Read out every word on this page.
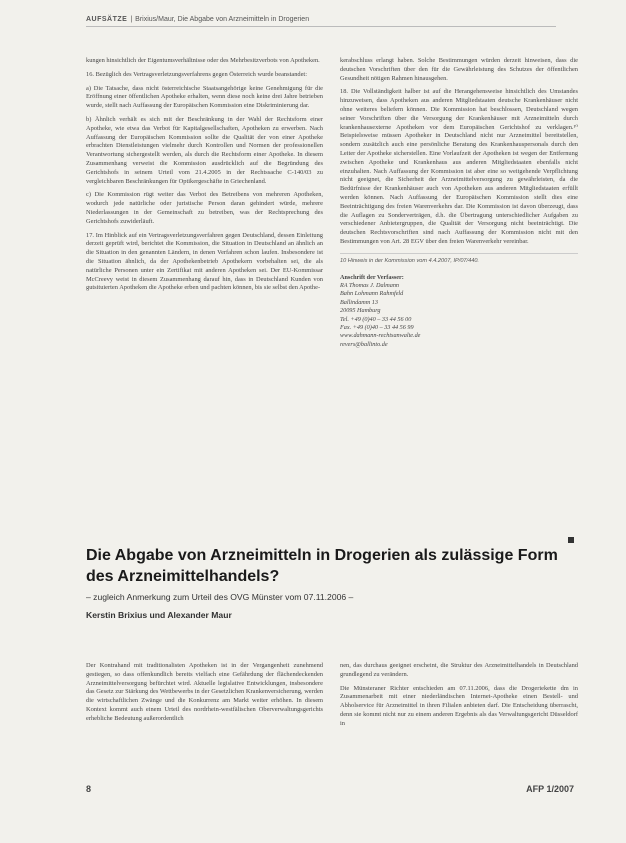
AUFSÄTZE | Brixius/Maur, Die Abgabe von Arzneimitteln in Drogerien

kungen hinsichtlich der Eigentumsverhältnisse oder des Mehrbesitzverbots von Apotheken.

16. Bezüglich des Vertragsverletzungsverfahrens gegen Österreich wurde beanstandet:

a) Die Tatsache, dass nicht österreichische Staatsangehörige keine Genehmigung für die Eröffnung einer öffentlichen Apotheke erhalten, wenn diese noch keine drei Jahre betrieben wurde, stellt nach Auffassung der Europäischen Kommission eine Diskriminierung dar.

b) Ähnlich verhält es sich mit der Beschränkung in der Wahl der Rechtsform einer Apotheke, wie etwa das Verbot für Kapitalgesellschaften, Apotheken zu erwerben. Nach Auffassung der Europäischen Kommission sollte die Qualität der von einer Apotheke erbrachten Dienstleistungen vielmehr durch Kontrollen und Normen der professionellen Verantwortung sichergestellt werden, als durch die Rechtsform einer Apotheke. In diesem Zusammenhang verweist die Kommission ausdrücklich auf die Begründung des Gerichtshofs in seinem Urteil vom 21.4.2005 in der Rechtssache C-140/03 zu vergleichbaren Beschränkungen für Optikergeschäfte in Griechenland.

c) Die Kommission rügt weiter das Verbot des Betreibens von mehreren Apotheken, wodurch jede natürliche oder juristische Person daran gehindert würde, mehrere Niederlassungen in der Gemeinschaft zu betreiben, was der Rechtsprechung des Gerichtshofs zuwiderläuft.

17. Im Hinblick auf ein Vertragsverletzungsverfahren gegen Deutschland, dessen Einleitung derzeit geprüft wird, berichtet die Kommission, die Situation in Deutschland an ähnlich an die Situation in den genannten Ländern, in denen Verfahren schon laufen. Insbesondere ist die Situation ähnlich, da der Apothekenbetrieb Apothekern vorbehalten sei, die als natürliche Personen unter ein Zertifikat mit anderen Apotheken sei. Der EU-Kommissar McCreevy weist in diesem Zusammenhang darauf hin, dass in Deutschland Kunden von gutsituierten Apotheken die Apotheke erben und pachten können, bis sie selbst den Apothe-

kerabschluss erlangt haben. Solche Bestimmungen würden derzeit hinweisen, dass die deutschen Vorschriften über den für die Gewährleistung des Schutzes der öffentlichen Gesundheit nötigen Rahmen hinausgehen.

18. Die Vollständigkeit halber ist auf die Herangehensweise hinsichtlich des Umstandes hinzuweisen, dass Apotheken aus anderen Mitgliedstaaten deutsche Krankenhäuser nicht ohne weiteres beliefern können. Die Kommission hat beschlossen, Deutschland wegen seiner Vorschriften über die Versorgung der Krankenhäuser mit Arzneimitteln durch krankenhausexterne Apotheken vor dem Europäischen Gerichtshof zu verklagen.¹⁰ Beispielsweise müssen Apotheker in Deutschland nicht nur Arzneimittel bereitstellen, sondern zusätzlich auch eine persönliche Beratung des Krankenhauspersonals durch den Leiter der Apotheke sicherstellen. Eine Vorlaufzeit der Apotheken ist wegen der Entfernung zwischen Apotheke und Krankenhaus aus anderen Mitgliedstaaten ebenfalls nicht einzuhalten. Nach Auffassung der Kommission ist aber eine so weitgehende Verpflichtung nicht geeignet, die Sicherheit der Arzneimittelversorgung zu gewährleisten, da die Bedürfnisse der Krankenhäuser auch von Apotheken aus anderen Mitgliedstaaten erfüllt werden können. Nach Auffassung der Europäischen Kommission stellt dies eine Beeinträchtigung des freien Warenverkehrs dar. Die Kommission ist davon überzeugt, dass die Auflagen zu Sonderverträgen, d.h. die Übertragung unterschiedlicher Aufgaben zu verschiedener Anbietergruppen, die Qualität der Versorgung nicht beeinträchtigt. Die deutschen Rechtsvorschriften sind nach Auffassung der Kommission nicht mit den Bestimmungen von Art. 28 EGV über den freien Warenverkehr vereinbar.

10 Hinweis in der Kommission vom 4.4.2007, IP/07/440.
Anschrift der Verfasser:
RA Thomas J. Dalmann
Bahn Lohmann Rahmfeld
Ballindamm 13
20095 Hamburg
Tel. +49 (0)40 – 33 44 56 00
Fax. +49 (0)40 – 33 44 56 99
www.dahmann-rechtsanwalte.de
revers@ballinto.de
Die Abgabe von Arzneimitteln in Drogerien als zulässige Form des Arzneimittelhandels?
– zugleich Anmerkung zum Urteil des OVG Münster vom 07.11.2006 –
Kerstin Brixius und Alexander Maur

Der Kontrahand mit traditionalisten Apotheken ist in der Vergangenheit zunehmend gestiegen, so dass offenkundlich bereits vielfach eine Gefährdung der flächendeckenden Arzneimittelversorgung befürchtet wird. Aktuelle legislative Entwicklungen, insbesondere das Gesetz zur Stärkung des Wettbewerbs in der Gesetzlichen Krankenversicherung, werden die wirtschaftlichen Zwänge und die Konkurrenz am Markt weiter erhöhen. In diesem Kontext kommt auch einem Urteil des nordrhein-westfälischen Oberverwaltungsgerichts erhebliche Bedeutung außerordentlich

nen, das durchaus geeignet erscheint, die Struktur des Arzneimittelhandels in Deutschland grundlegend zu verändern.

Die Münsteraner Richter entschieden am 07.11.2006, dass die Drogeriekette dm in Zusammenarbeit mit einer niederländischen Internet-Apotheke einen Bestell- und Abholservice für Arzneimittel in ihren Filialen anbieten darf. Die Entscheidung überrascht, denn sie kommt nicht nur zu einem anderen Ergebnis als das Verwaltungsgericht Düsseldorf in

8	AFP 1/2007
